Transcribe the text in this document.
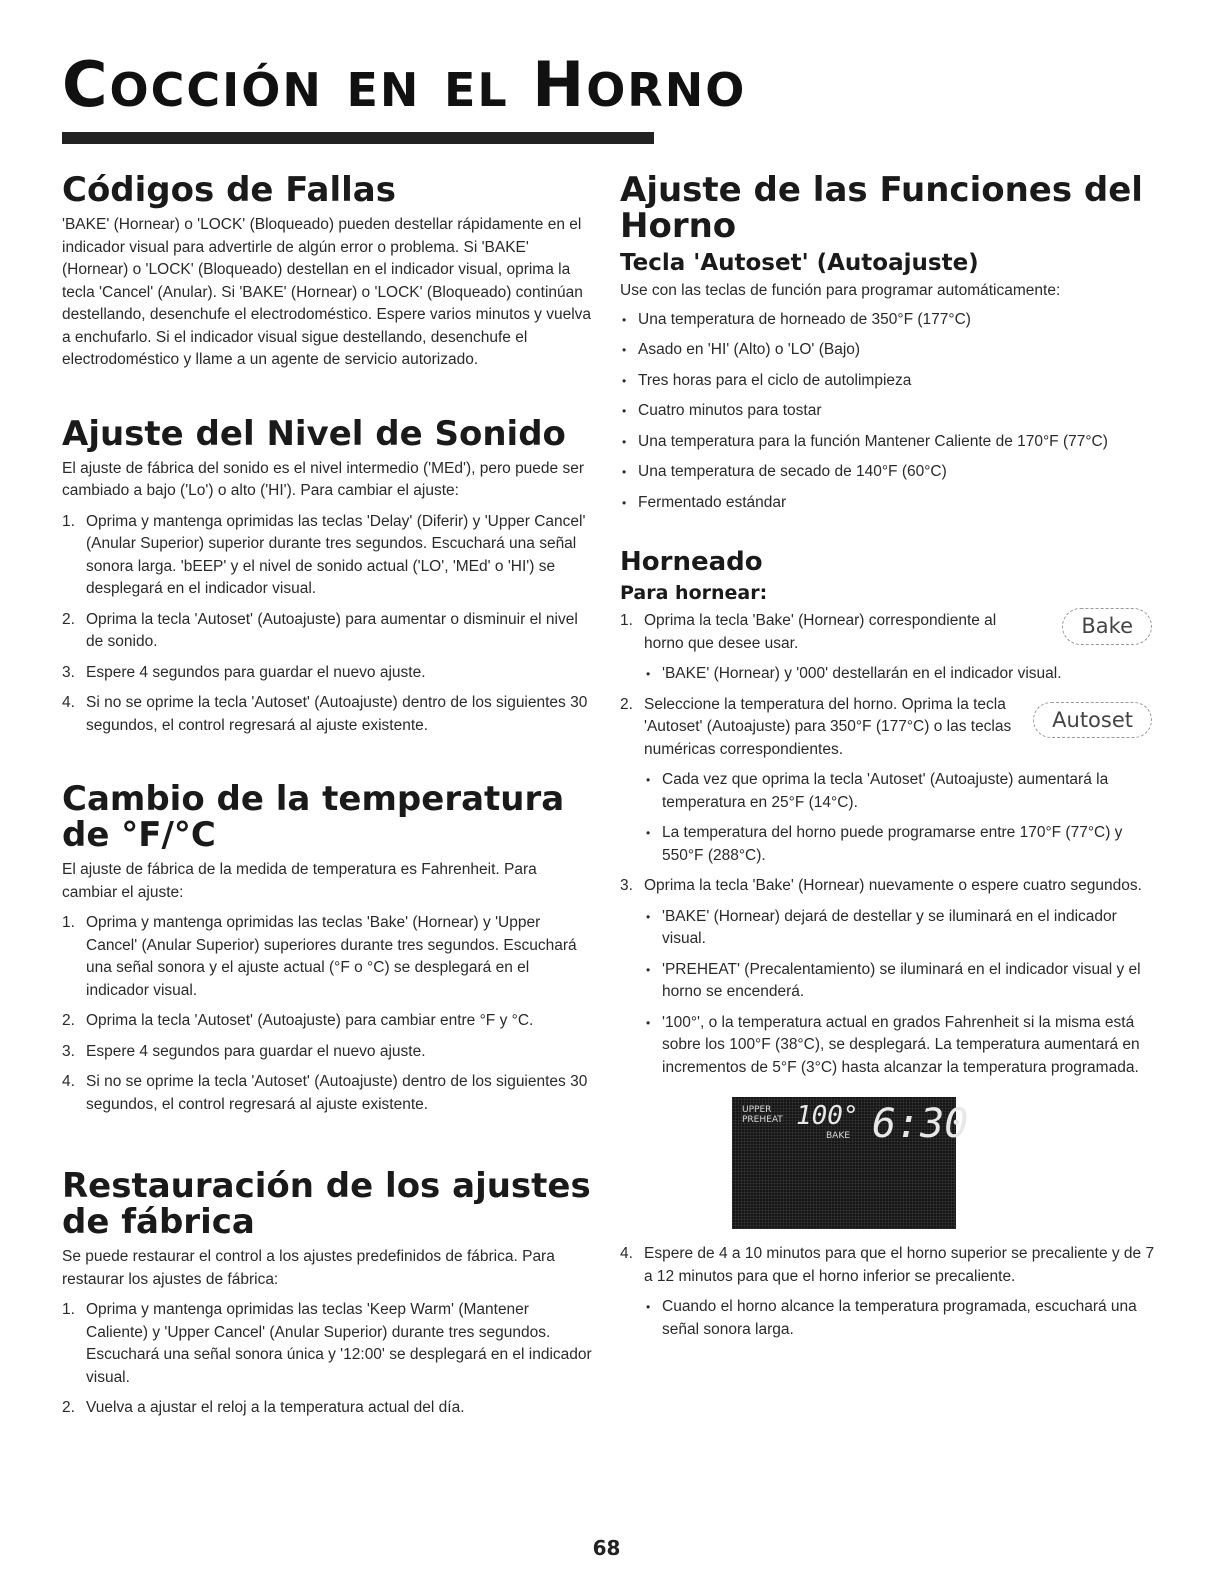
COCCIÓN EN EL HORNO
Códigos de Fallas

'BAKE' (Hornear) o 'LOCK' (Bloqueado) pueden destellar rápidamente en el indicador visual para advertirle de algún error o problema. Si 'BAKE' (Hornear) o 'LOCK' (Bloqueado) destellan en el indicador visual, oprima la tecla 'Cancel' (Anular). Si 'BAKE' (Hornear) o 'LOCK' (Bloqueado) continúan destellando, desenchufe el electrodoméstico. Espere varios minutos y vuelva a enchufarlo. Si el indicador visual sigue destellando, desenchufe el electrodoméstico y llame a un agente de servicio autorizado.

Ajuste del Nivel de Sonido

El ajuste de fábrica del sonido es el nivel intermedio ('MEd'), pero puede ser cambiado a bajo ('Lo') o alto ('HI'). Para cambiar el ajuste:

1. Oprima y mantenga oprimidas las teclas 'Delay' (Diferir) y 'Upper Cancel' (Anular Superior) superior durante tres segundos. Escuchará una señal sonora larga. 'bEEP' y el nivel de sonido actual ('LO', 'MEd' o 'HI') se desplegará en el indicador visual.
2. Oprima la tecla 'Autoset' (Autoajuste) para aumentar o disminuir el nivel de sonido.
3. Espere 4 segundos para guardar el nuevo ajuste.
4. Si no se oprime la tecla 'Autoset' (Autoajuste) dentro de los siguientes 30 segundos, el control regresará al ajuste existente.
Cambio de la temperatura
de °F/°C

El ajuste de fábrica de la medida de temperatura es Fahrenheit. Para cambiar el ajuste:

1. Oprima y mantenga oprimidas las teclas 'Bake' (Hornear) y 'Upper Cancel' (Anular Superior) superiores durante tres segundos. Escuchará una señal sonora y el ajuste actual (°F o °C) se desplegará en el indicador visual.
2. Oprima la tecla 'Autoset' (Autoajuste) para cambiar entre °F y °C.
3. Espere 4 segundos para guardar el nuevo ajuste.
4. Si no se oprime la tecla 'Autoset' (Autoajuste) dentro de los siguientes 30 segundos, el control regresará al ajuste existente.
Restauración de los ajustes
de fábrica

Se puede restaurar el control a los ajustes predefinidos de fábrica. Para restaurar los ajustes de fábrica:

1. Oprima y mantenga oprimidas las teclas 'Keep Warm' (Mantener Caliente) y 'Upper Cancel' (Anular Superior) durante tres segundos. Escuchará una señal sonora única y '12:00' se desplegará en el indicador visual.
2. Vuelva a ajustar el reloj a la temperatura actual del día.
Ajuste de las Funciones del
Horno
Tecla 'Autoset' (Autoajuste)

Use con las teclas de función para programar automáticamente:

• Una temperatura de horneado de 350°F (177°C)
• Asado en 'HI' (Alto) o 'LO' (Bajo)
• Tres horas para el ciclo de autolimpieza
• Cuatro minutos para tostar
• Una temperatura para la función Mantener Caliente de 170°F (77°C)
• Una temperatura de secado de 140°F (60°C)
• Fermentado estándar
Horneado
Para hornear:
1. Oprima la tecla 'Bake' (Hornear) correspondiente al horno que desee usar.
Bake
• 'BAKE' (Hornear) y '000' destellarán en el indicador visual.
2. Seleccione la temperatura del horno. Oprima la tecla 'Autoset' (Autoajuste) para 350°F (177°C) o las teclas numéricas correspondientes.
Autoset
• Cada vez que oprima la tecla 'Autoset' (Autoajuste) aumentará la temperatura en 25°F (14°C).
• La temperatura del horno puede programarse entre 170°F (77°C) y 550°F (288°C).
3. Oprima la tecla 'Bake' (Hornear) nuevamente o espere cuatro segundos.
• 'BAKE' (Hornear) dejará de destellar y se iluminará en el indicador visual.
• 'PREHEAT' (Precalentamiento) se iluminará en el indicador visual y el horno se encenderá.
• '100°', o la temperatura actual en grados Fahrenheit si la misma está sobre los 100°F (38°C), se desplegará. La temperatura aumentará en incrementos de 5°F (3°C) hasta alcanzar la temperatura programada.
UPPER
PREHEAT 100°
BAKE 6:30
4. Espere de 4 a 10 minutos para que el horno superior se precaliente y de 7 a 12 minutos para que el horno inferior se precaliente.
• Cuando el horno alcance la temperatura programada, escuchará una señal sonora larga.
68
